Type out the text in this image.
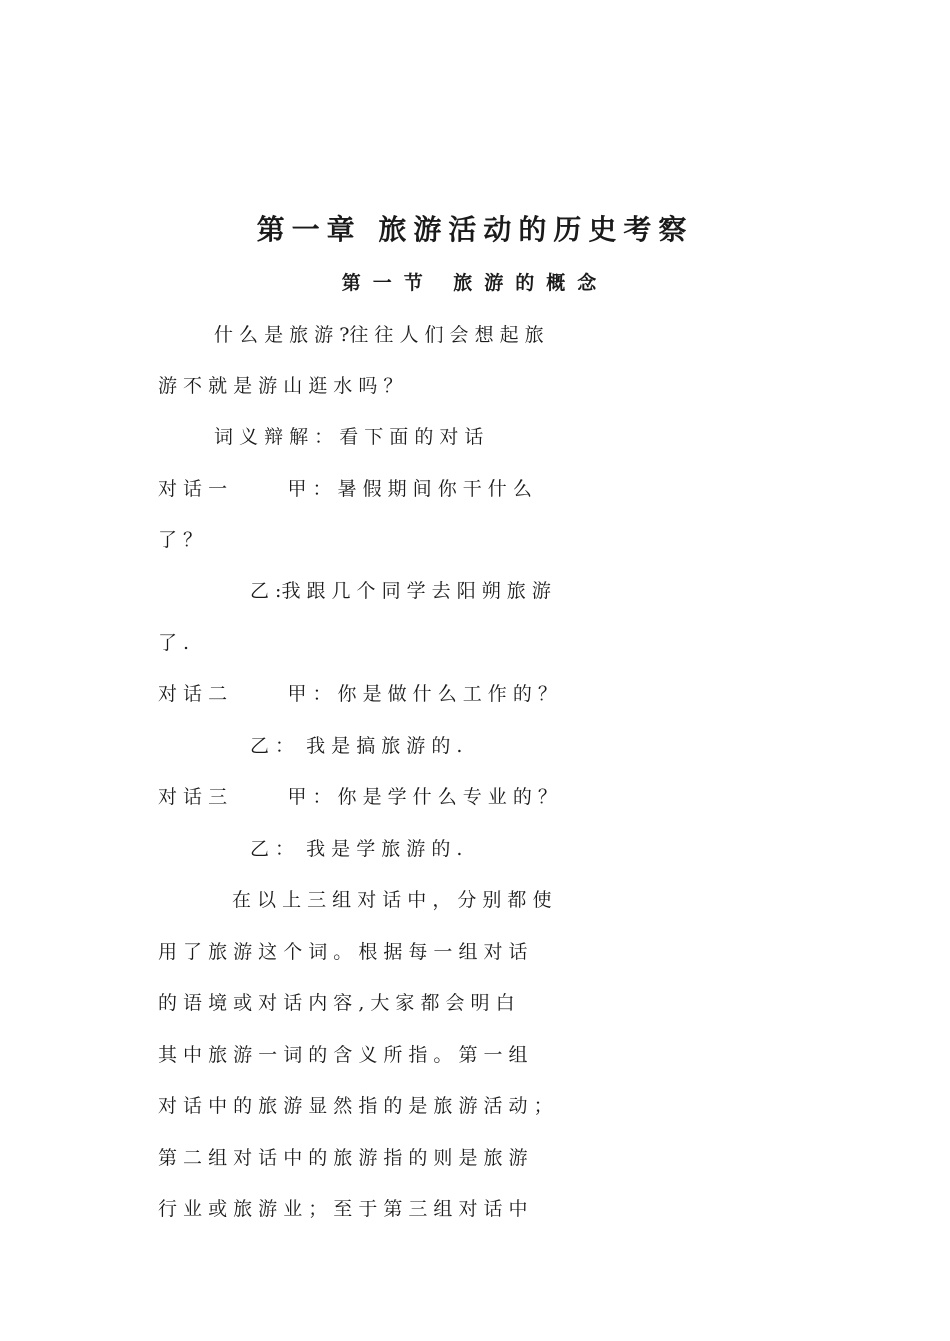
第一章 旅游活动的历史考察
第一节 旅游的概念
什 么 是 旅 游 ?往 往 人 们 会 想 起 旅
游 不 就 是 游 山 逛 水 吗 ？
词 义 辩 解 ： 看 下 面 的 对 话
对 话 一          甲 ： 暑 假 期 间 你 干 什 么
了 ？
乙 :我 跟 几 个 同 学 去 阳 朔 旅 游
了 .
对 话 二          甲 ： 你 是 做 什 么 工 作 的 ？
乙 ：  我 是 搞 旅 游 的 .
对 话 三          甲 ： 你 是 学 什 么 专 业 的 ？
乙 ：  我 是 学 旅 游 的 .
在 以 上 三 组 对 话 中 ， 分 别 都 使
用 了 旅 游 这 个 词 。 根 据 每 一 组 对 话
的 语 境 或 对 话 内 容 , 大 家 都 会 明 白
其 中 旅 游 一 词 的 含 义 所 指 。 第 一 组
对 话 中 的 旅 游 显 然 指 的 是 旅 游 活 动 ；
第 二 组 对 话 中 的 旅 游 指 的 则 是 旅 游
行 业 或 旅 游 业 ； 至 于 第 三 组 对 话 中
